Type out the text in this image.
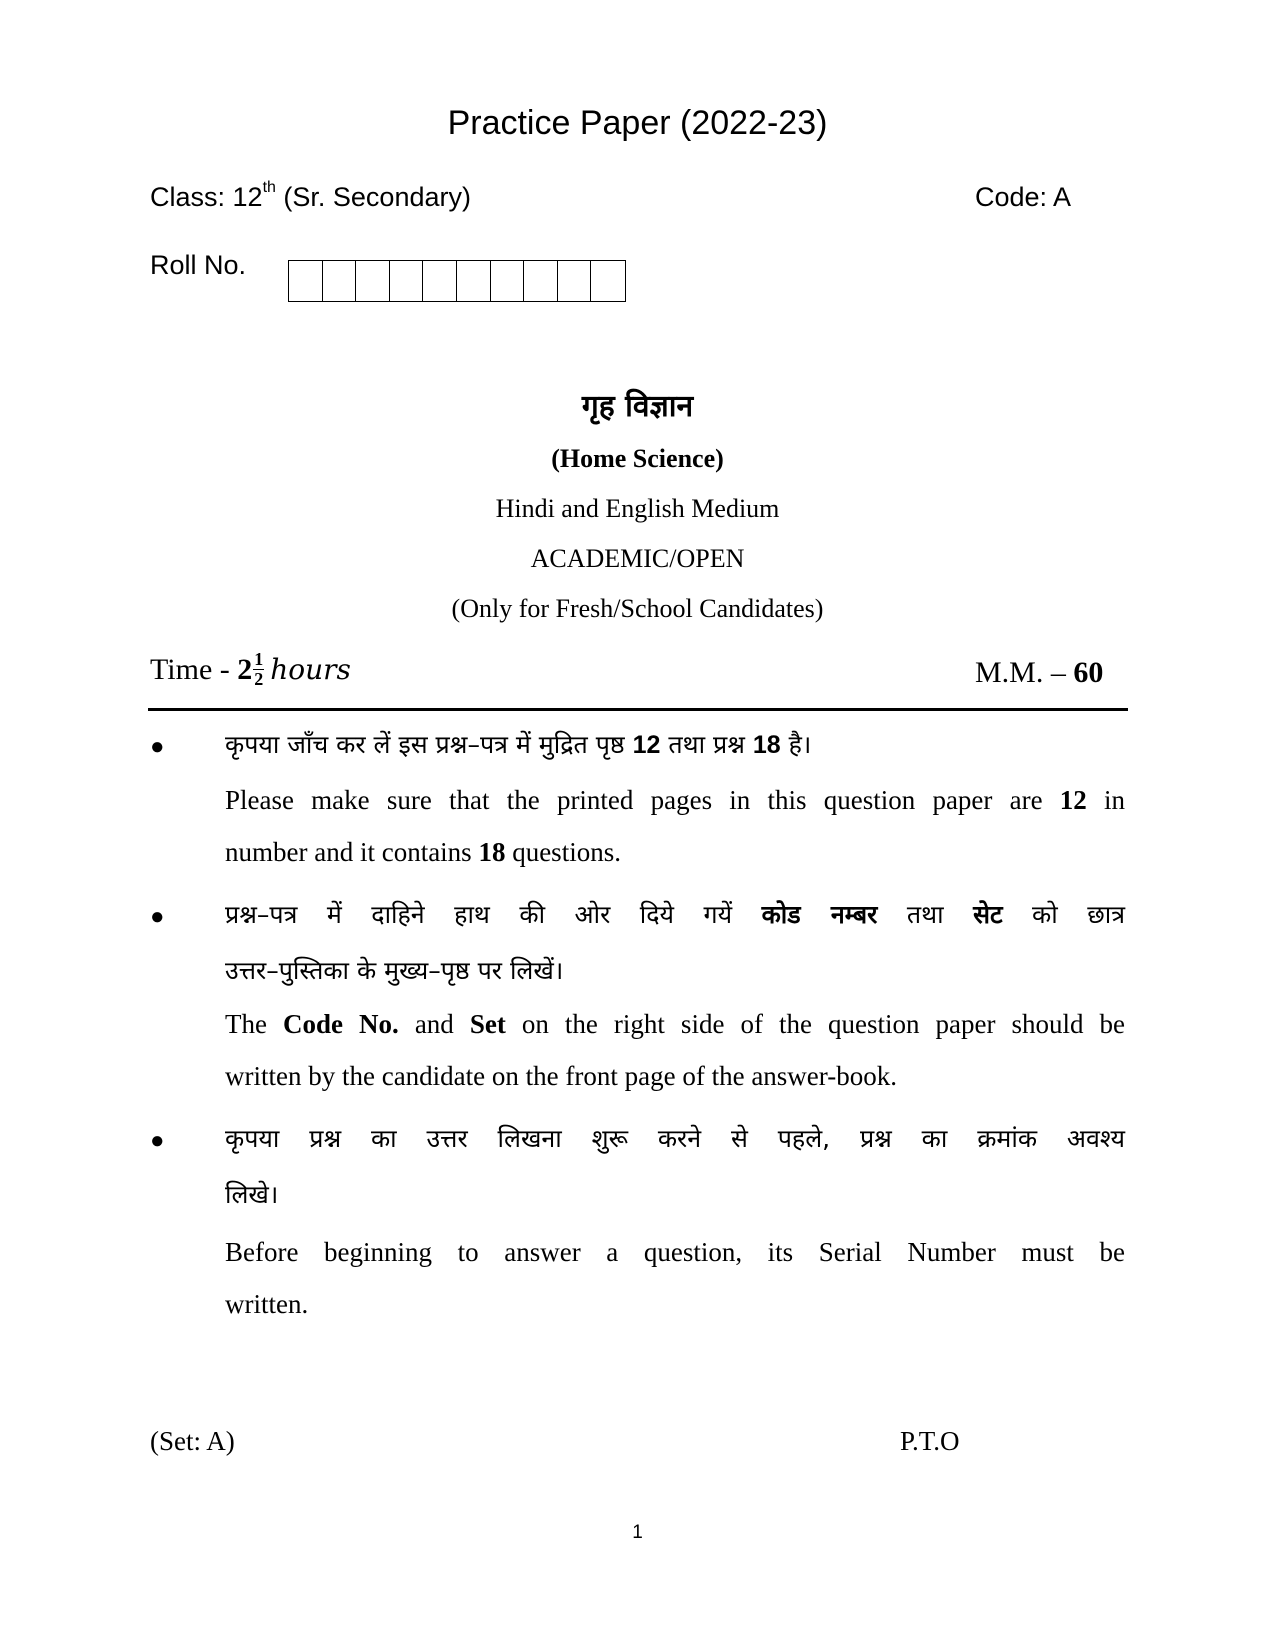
Practice Paper (2022-23)
Class: 12th (Sr. Secondary)	Code: A
Roll No.
गृह विज्ञान
(Home Science)
Hindi and English Medium
ACADEMIC/OPEN
(Only for Fresh/School Candidates)
Time - $2 \frac{1}{2}$ hours	M.M. – 60
● कृपया जाँच कर लें इस प्रश्न–पत्र में मुद्रित पृष्ठ 12 तथा प्रश्न 18 है।
Please make sure that the printed pages in this question paper are 12 in
number and it contains 18 questions.
● प्रश्न–पत्र में दाहिने हाथ की ओर दिये गयें कोड नम्बर तथा सेट को छात्र
उत्तर–पुस्तिका के मुख्य–पृष्ठ पर लिखें।
The Code No. and Set on the right side of the question paper should be
written by the candidate on the front page of the answer-book.
● कृपया प्रश्न का उत्तर लिखना शुरू करने से पहले, प्रश्न का क्रमांक अवश्य
लिखे।
Before beginning to answer a question, its Serial Number must be
written.
(Set: A)	P.T.O
1
